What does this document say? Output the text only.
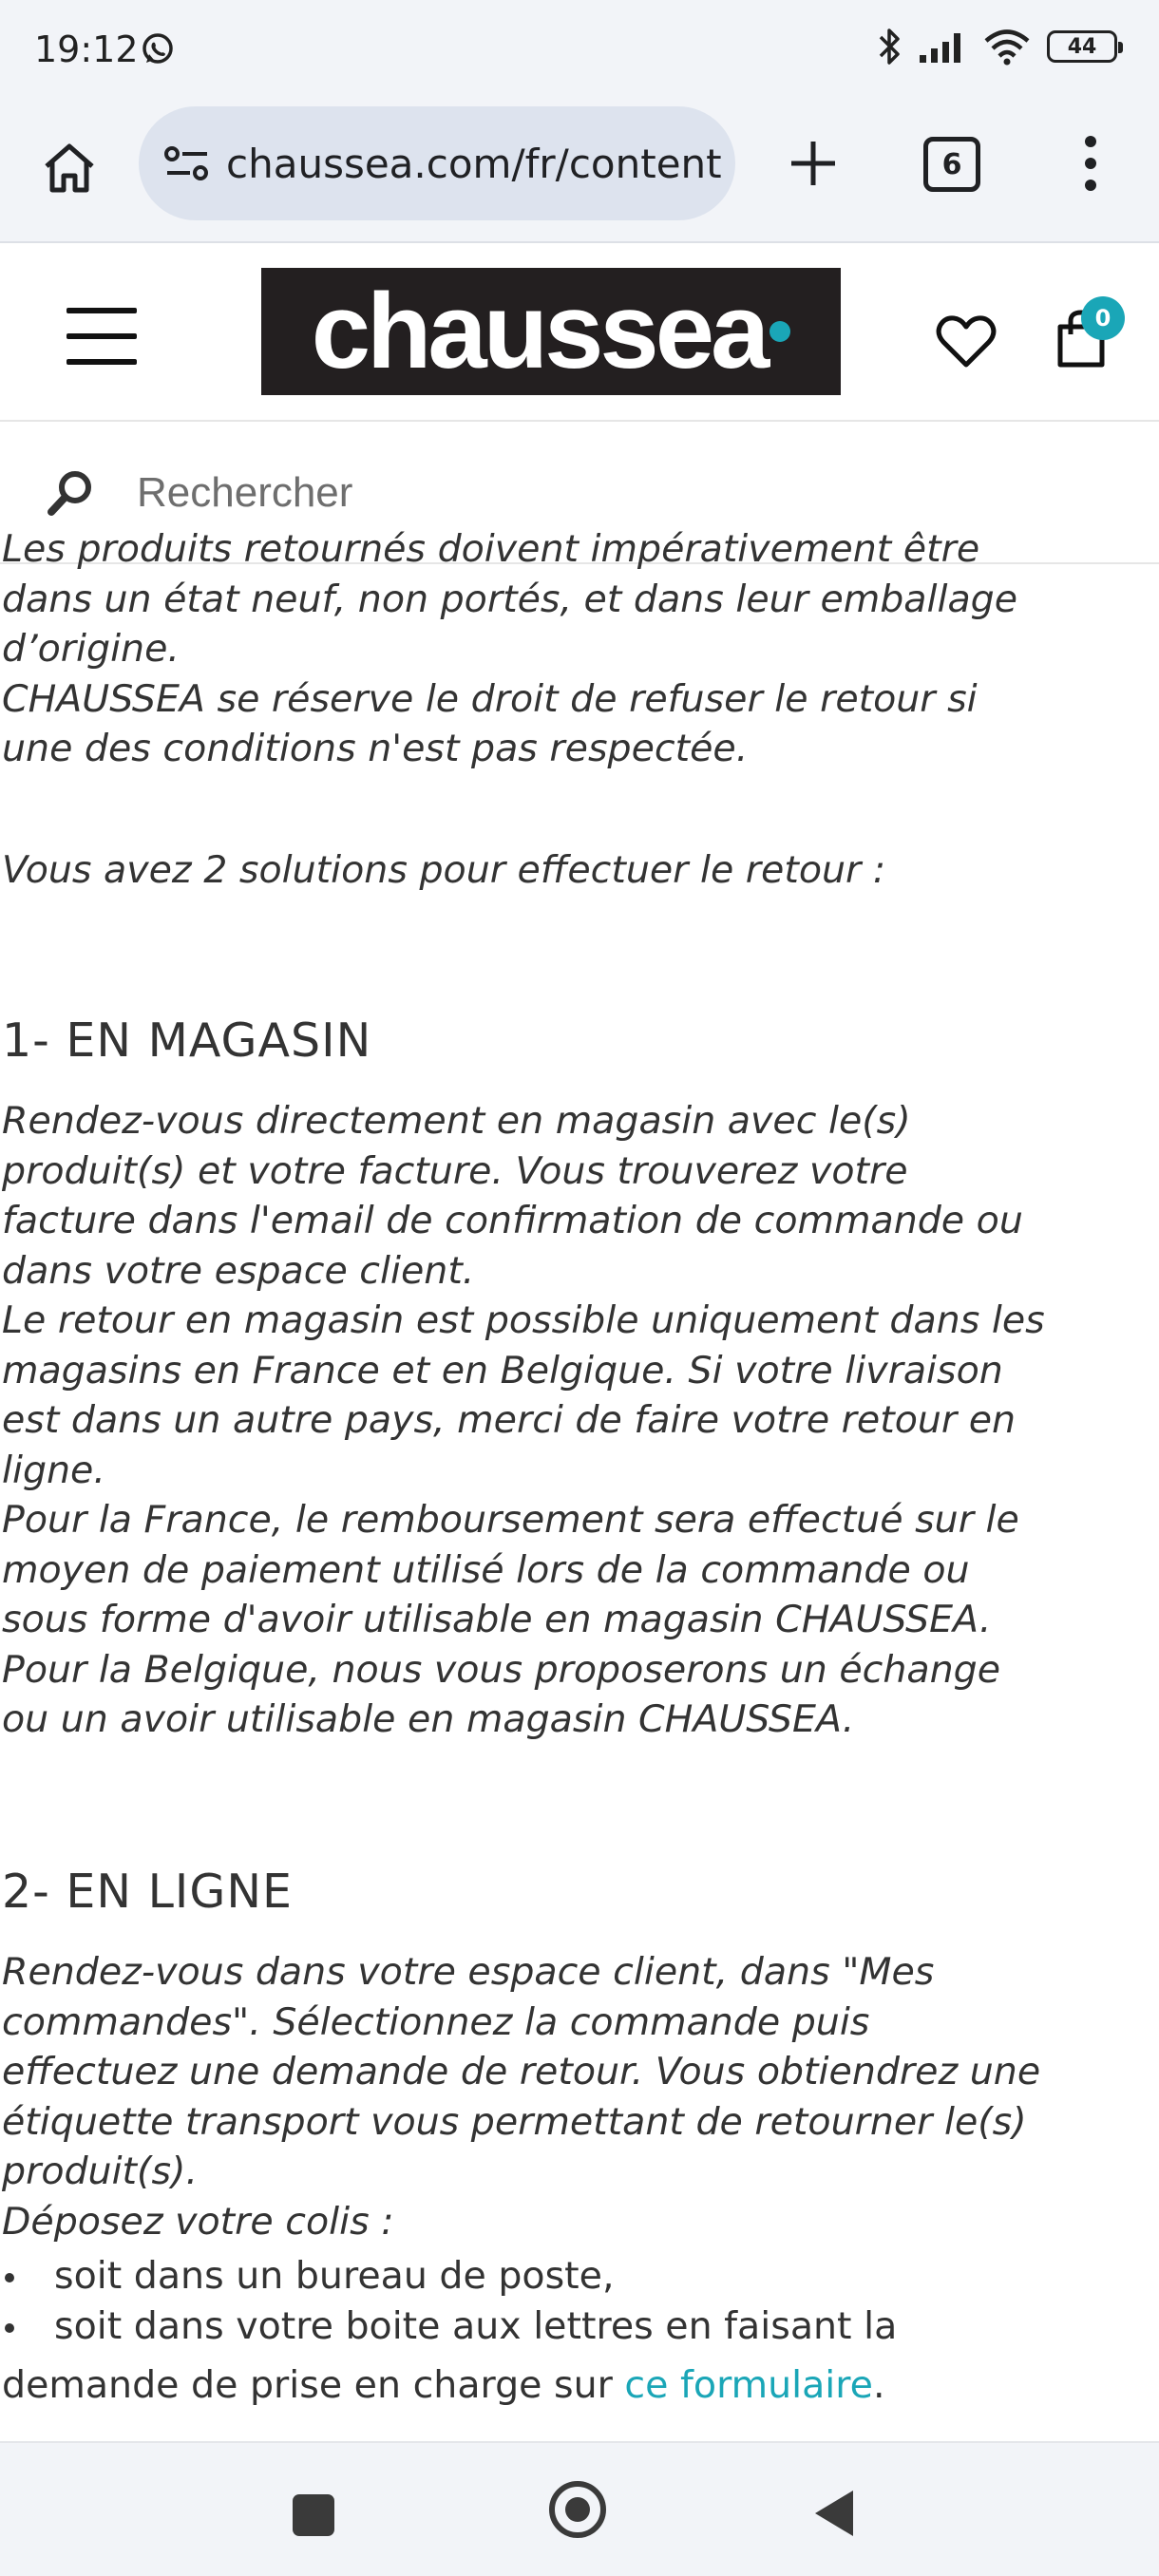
19:12	44
chaussea.com/fr/content	6
chaussea	0
Rechercher
Les produits retournés doivent impérativement être
dans un état neuf, non portés, et dans leur emballage
d’origine.
CHAUSSEA se réserve le droit de refuser le retour si
une des conditions n'est pas respectée.
Vous avez 2 solutions pour effectuer le retour :
1- EN MAGASIN
Rendez-vous directement en magasin avec le(s)
produit(s) et votre facture. Vous trouverez votre
facture dans l'email de confirmation de commande ou
dans votre espace client.
Le retour en magasin est possible uniquement dans les
magasins en France et en Belgique. Si votre livraison
est dans un autre pays, merci de faire votre retour en
ligne.
Pour la France, le remboursement sera effectué sur le
moyen de paiement utilisé lors de la commande ou
sous forme d'avoir utilisable en magasin CHAUSSEA.
Pour la Belgique, nous vous proposerons un échange
ou un avoir utilisable en magasin CHAUSSEA.
2- EN LIGNE
Rendez-vous dans votre espace client, dans "Mes
commandes". Sélectionnez la commande puis
effectuez une demande de retour. Vous obtiendrez une
étiquette transport vous permettant de retourner le(s)
produit(s).
Déposez votre colis :
soit dans un bureau de poste,
soit dans votre boite aux lettres en faisant la
demande de prise en charge sur ce formulaire.
